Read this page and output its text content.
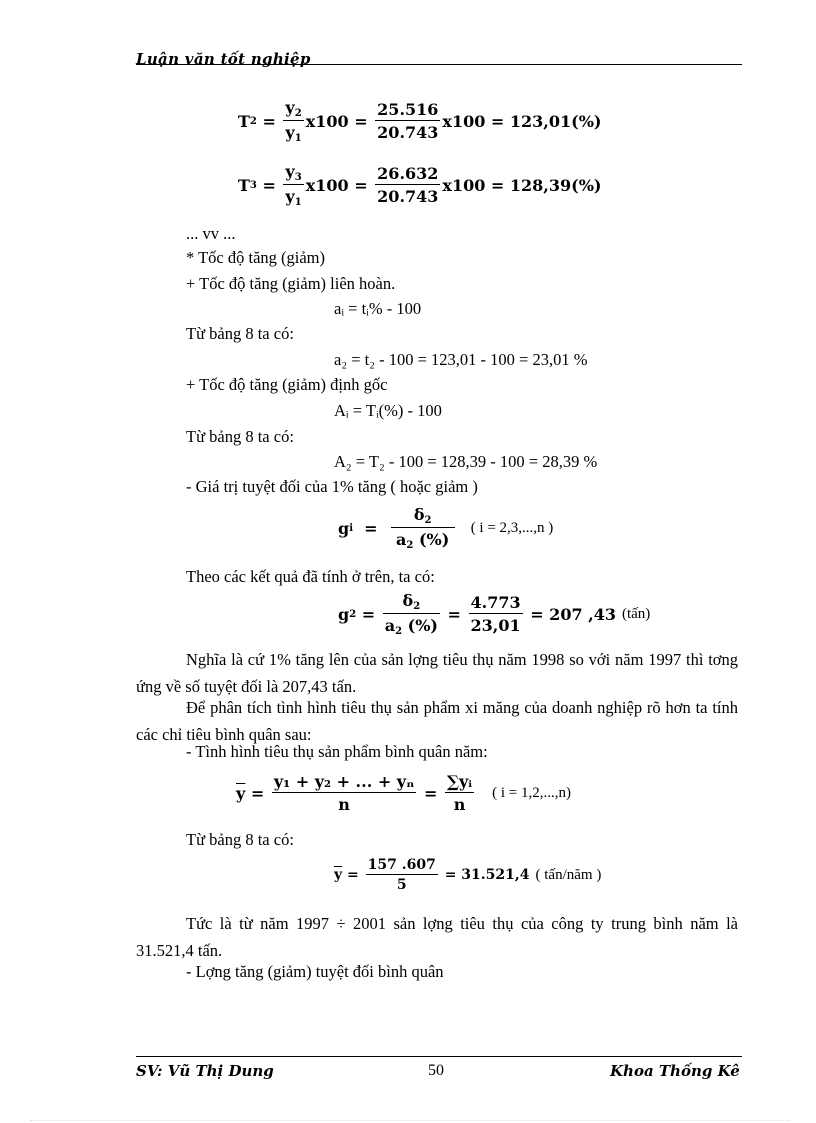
Luận văn tốt nghiệp
T $2 = \frac{y_2}{y_1} x100 = \frac{25.516}{20.743} x100 = 123,01(\%)$
T $3 = \frac{y_3}{y_1} x100 = \frac{26.632}{20.743} x100 = 128,39(\%)$
... vv ...
* Tốc độ tăng (giảm)
+ Tốc độ tăng (giảm) liên hoàn.
aᵢ = tᵢ% - 100
Từ bảng 8 ta có:
a₂ = t₂ - 100 = 123,01 - 100 = 23,01 %
+ Tốc độ tăng (giảm) định gốc
Aᵢ = Tᵢ(%) - 100
Từ bảng 8 ta có:
A₂ = T₂ - 100 = 128,39 - 100 = 28,39 %
- Giá trị tuyệt đối của 1% tăng ( hoặc giảm )
g $i = \frac{\delta_2}{a_2 (\%)}$ ( i = 2,3,...,n )
Theo các kết quả đã tính ở trên, ta có:
g $2 = \frac{\delta_2}{a_2 (\%)} = \frac{4.773}{23,01}$
= 207 ,43 (tấn)
Nghĩa là cứ 1% tăng lên của sản lợng tiêu thụ năm 1998 so với năm 1997 thì tơng ứng về số tuyệt đối là 207,43 tấn.
Để phân tích tình hình tiêu thụ sản phẩm xi măng của doanh nghiệp rõ hơn ta tính các chỉ tiêu bình quân sau:
- Tình hình tiêu thụ sản phẩm bình quân năm:
$\overline{y} = \frac{\text{y₁ + y₂ + ... + yₙ}}{n} = \frac{\text{∑yᵢ}}{n}$ ( i = 1,2,...,n)
Từ bảng 8 ta có:
$\overline{y} = \frac{157 .607}{5}$
= 31.521,4 ( tấn/năm )
Tức là từ năm 1997 ÷ 2001 sản lợng tiêu thụ của công ty trung bình năm là 31.521,4 tấn.
- Lợng tăng (giảm) tuyệt đối bình quân
SV: Vũ Thị Dung	50	Khoa Thống Kê
